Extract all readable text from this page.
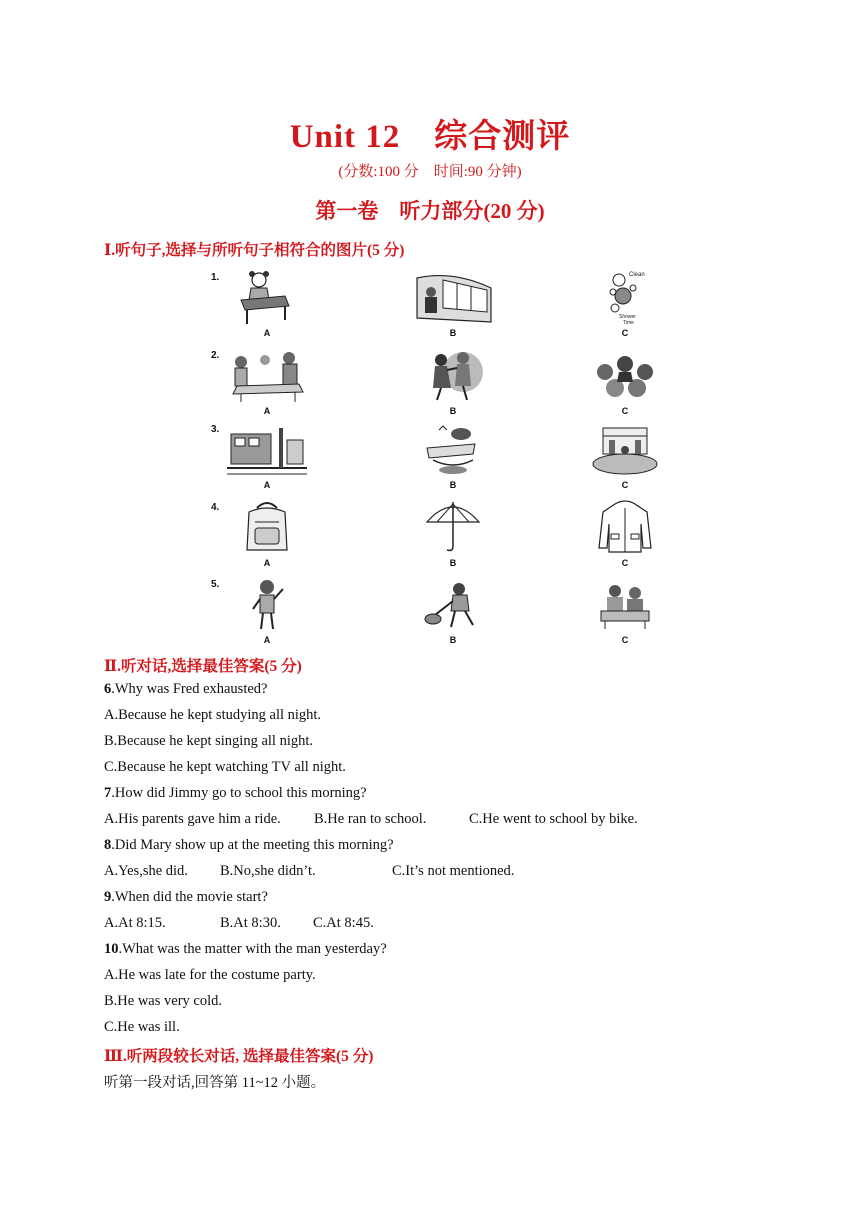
Unit 12　综合测评
(分数:100 分　时间:90 分钟)
第一卷　听力部分(20 分)
Ⅰ.听句子,选择与所听句子相符合的图片(5 分)
1.
A	B
Clean
Shower
Time
C
2.
A	B	C
3.
A	B	C
4.
A	B	C
5.
A	B	C
Ⅱ.听对话,选择最佳答案(5 分)
6.Why was Fred exhausted?
A.Because he kept studying all night.
B.Because he kept singing all night.
C.Because he kept watching TV all night.
7.How did Jimmy go to school this morning?
A.His parents gave him a ride. B.He ran to school.	C.He went to school by bike.
8.Did Mary show up at the meeting this morning?
A.Yes,she did. B.No,she didn’t.	C.It’s not mentioned.
9.When did the movie start?
A.At 8:15.	B.At 8:30. C.At 8:45.
10.What was the matter with the man yesterday?
A.He was late for the costume party.
B.He was very cold.
C.He was ill.
Ⅲ.听两段较长对话, 选择最佳答案(5 分)
听第一段对话,回答第 11~12 小题。
